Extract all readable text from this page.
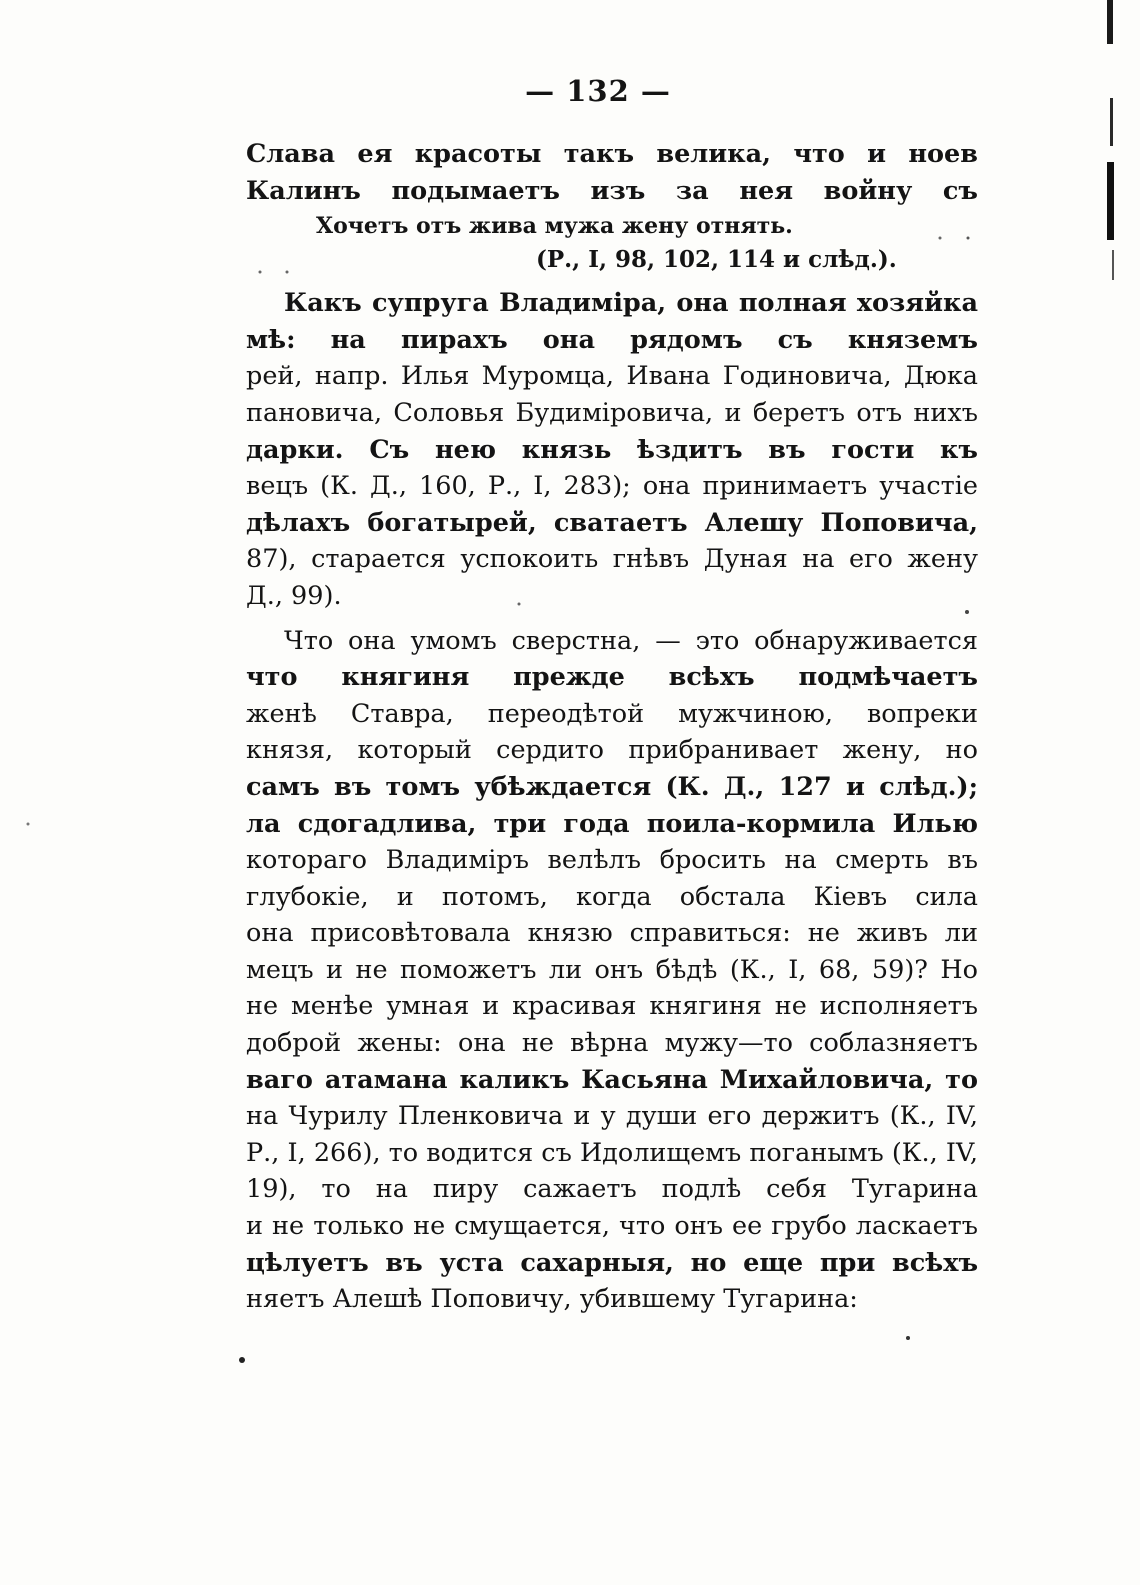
— 132 —
Слава ея красоты такъ велика, что и ноев
Калинъ подымаетъ изъ за нея войну съ
Хочетъ отъ жива мужа жену отнять.
(Р., I, 98, 102, 114 и слѣд.).
Какъ супруга Владиміра, она полная хозяйка
мѣ: на пирахъ она рядомъ съ княземъ
рей, напр. Илья Муромца, Ивана Годиновича, Дюка
пановича, Соловья Будиміровича, и беретъ отъ нихъ
дарки. Съ нею князь ѣздитъ въ гости къ
вецъ (К. Д., 160, Р., I, 283); она принимаетъ участіе
дѣлахъ богатырей, сватаетъ Алешу Поповича,
87), старается успокоить гнѣвъ Дуная на его жену
Д., 99).
Что она умомъ сверстна, — это обнаруживается
что княгиня прежде всѣхъ подмѣчаетъ
женѣ Ставра, переодѣтой мужчиною, вопреки
князя, который сердито прибранивает жену, но
самъ въ томъ убѣждается (К. Д., 127 и слѣд.);
ла сдогадлива, три года поила-кормила Илью
котораго Владиміръ велѣлъ бросить на смерть въ
глубокіе, и потомъ, когда обстала Кіевъ сила
она присовѣтовала князю справиться: не живъ ли
мецъ и не поможетъ ли онъ бѣдѣ (К., I, 68, 59)? Но
не менѣе умная и красивая княгиня не исполняетъ
доброй жены: она не вѣрна мужу—то соблазняетъ
ваго атамана каликъ Касьяна Михайловича, то
на Чурилу Пленковича и у души его держитъ (К., IV,
Р., I, 266), то водится съ Идолищемъ поганымъ (К., IV,
19), то на пиру сажаетъ подлѣ себя Тугарина
и не только не смущается, что онъ ее грубо ласкаетъ
цѣлуетъ въ уста сахарныя, но еще при всѣхъ
няетъ Алешѣ Поповичу, убившему Тугарина:
